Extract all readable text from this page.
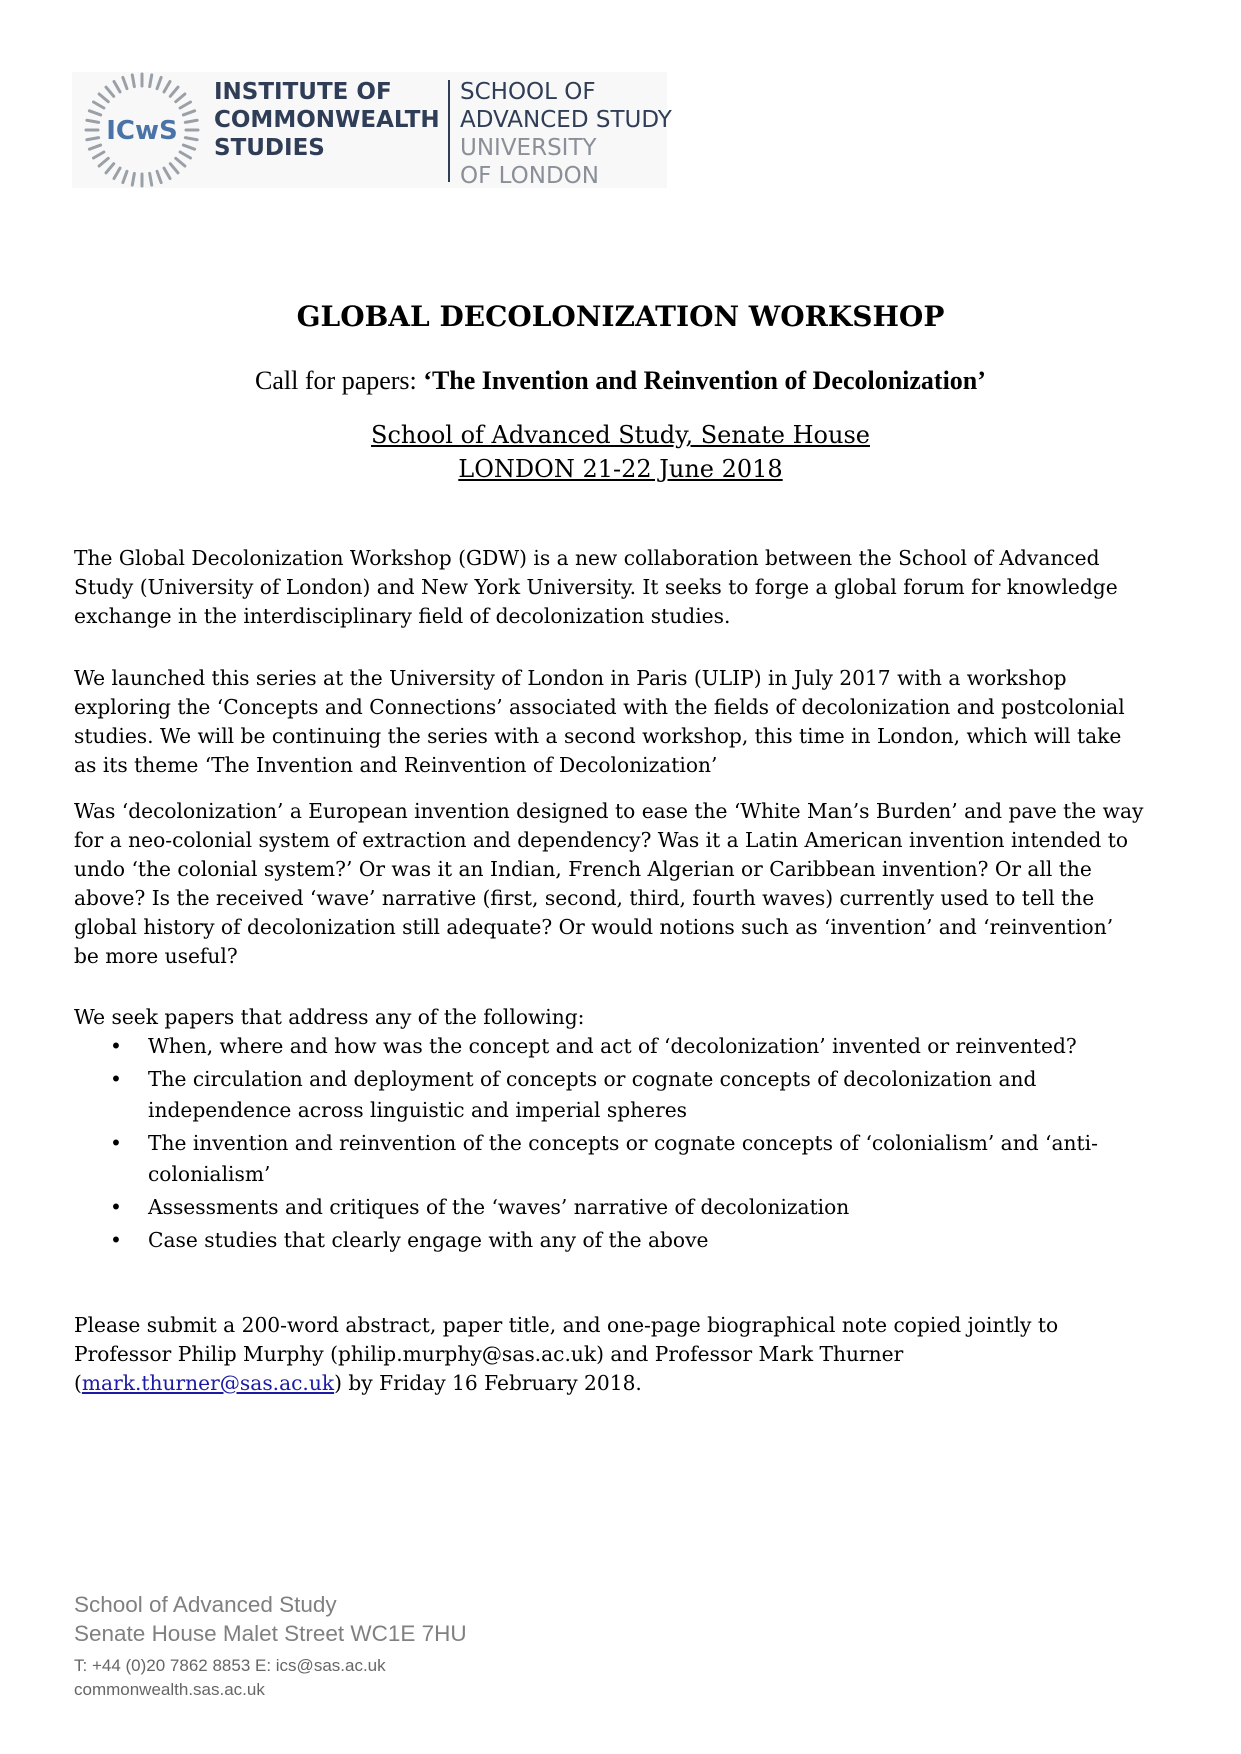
ICwS
INSTITUTE OF
COMMONWEALTH
STUDIES
SCHOOL OF
ADVANCED STUDY
UNIVERSITY
OF LONDON
GLOBAL DECOLONIZATION WORKSHOP
Call for papers: ‘The Invention and Reinvention of Decolonization’
School of Advanced Study, Senate House
LONDON 21-22 June 2018

The Global Decolonization Workshop (GDW) is a new collaboration between the School of Advanced Study (University of London) and New York University. It seeks to forge a global forum for knowledge exchange in the interdisciplinary field of decolonization studies.

We launched this series at the University of London in Paris (ULIP) in July 2017 with a workshop exploring the ‘Concepts and Connections’ associated with the fields of decolonization and postcolonial studies. We will be continuing the series with a second workshop, this time in London, which will take as its theme ‘The Invention and Reinvention of Decolonization’

Was ‘decolonization’ a European invention designed to ease the ‘White Man’s Burden’ and pave the way for a neo-colonial system of extraction and dependency? Was it a Latin American invention intended to undo ‘the colonial system?’ Or was it an Indian, French Algerian or Caribbean invention? Or all the above? Is the received ‘wave’ narrative (first, second, third, fourth waves) currently used to tell the global history of decolonization still adequate? Or would notions such as ‘invention’ and ‘reinvention’ be more useful?

We seek papers that address any of the following:

• When, where and how was the concept and act of ‘decolonization’ invented or reinvented?
• The circulation and deployment of concepts or cognate concepts of decolonization and independence across linguistic and imperial spheres
• The invention and reinvention of the concepts or cognate concepts of ‘colonialism’ and ‘anti-colonialism’
• Assessments and critiques of the ‘waves’ narrative of decolonization
• Case studies that clearly engage with any of the above

Please submit a 200-word abstract, paper title, and one-page biographical note copied jointly to Professor Philip Murphy (philip.murphy@sas.ac.uk) and Professor Mark Thurner (mark.thurner@sas.ac.uk) by Friday 16 February 2018.

School of Advanced Study
Senate House Malet Street WC1E 7HU
T: +44 (0)20 7862 8853 E: ics@sas.ac.uk
commonwealth.sas.ac.uk
